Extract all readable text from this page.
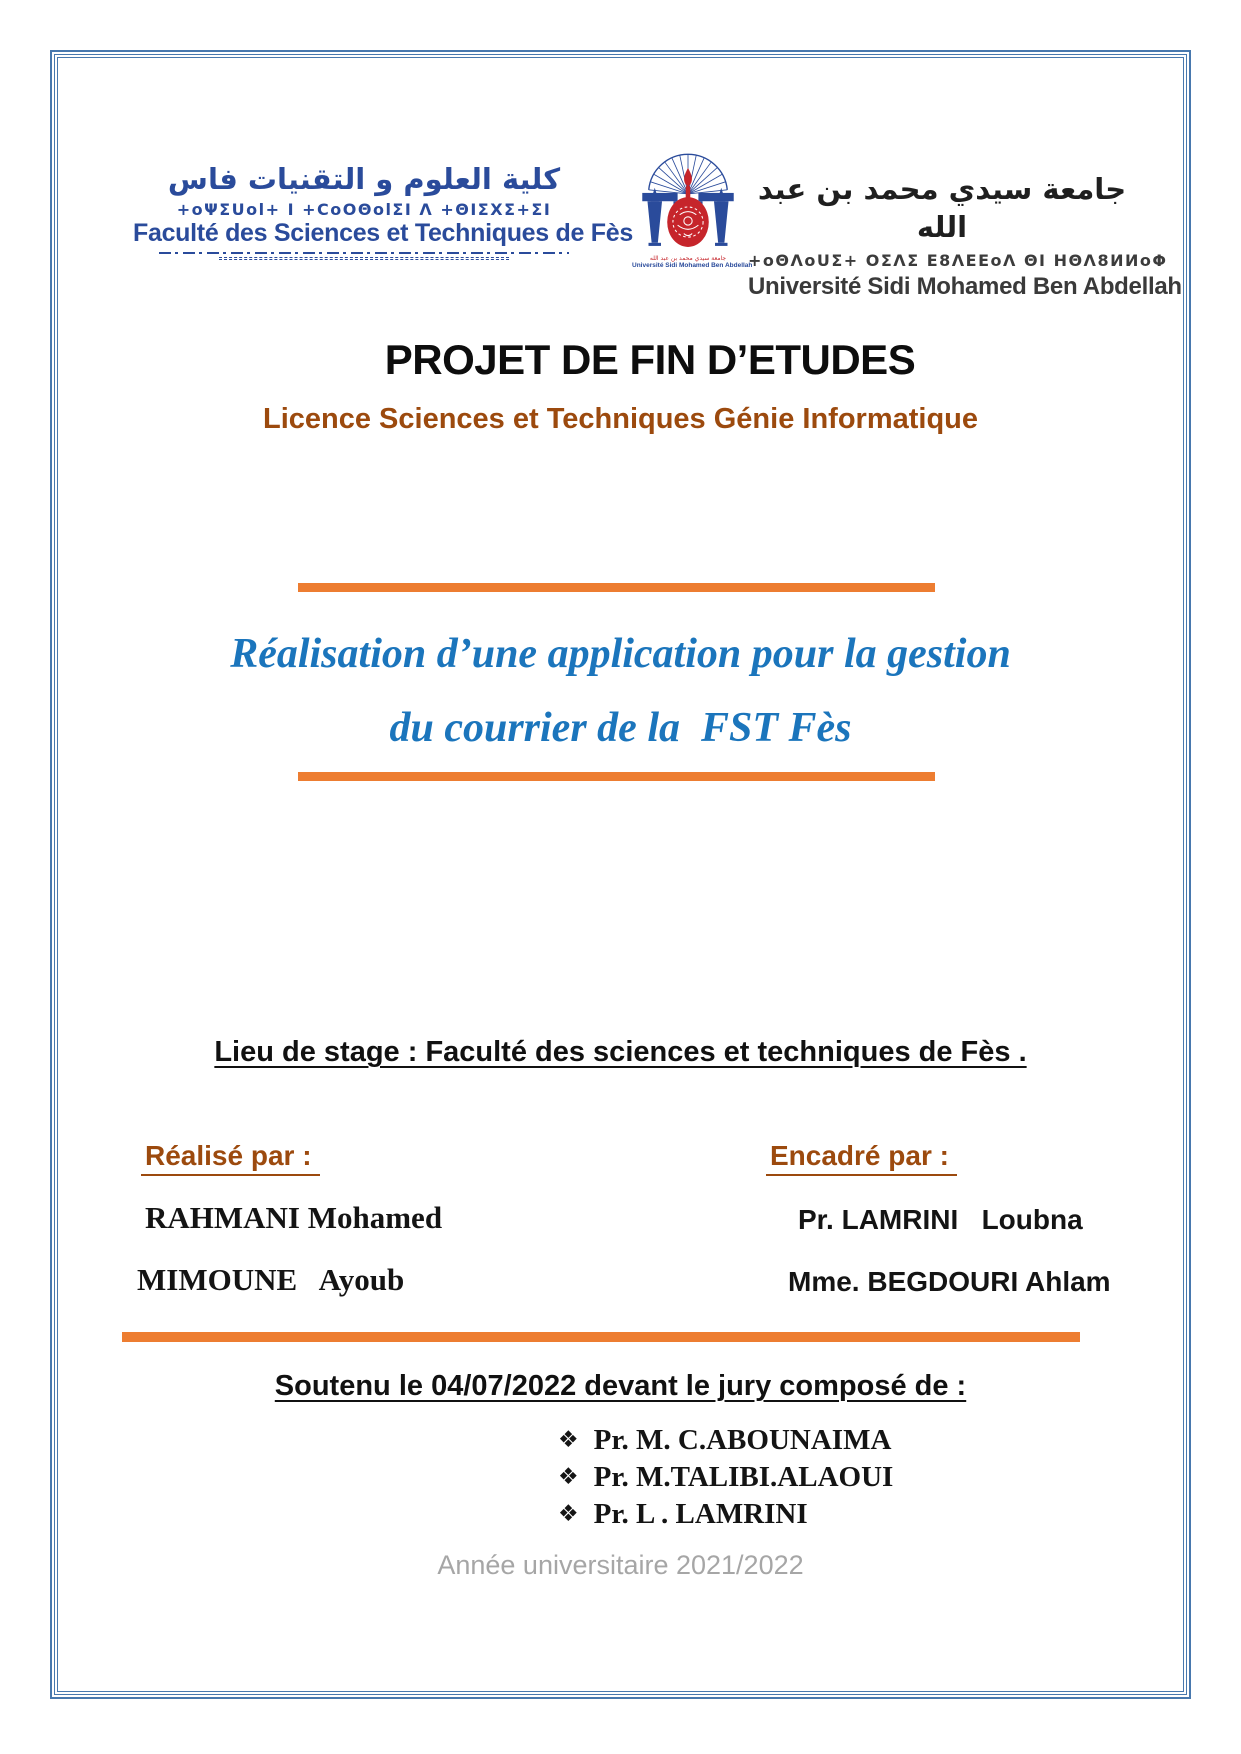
كلية العلوم و التقنيات فاس
+oΨΣUol+ I +CoOΘolΣI Λ +ΘIΣXΣ+ΣI
Faculté des Sciences et Techniques de Fès
جامعة سيدي محمد بن عبد الله
Université Sidi Mohamed Ben Abdellah
جامعة سيدي محمد بن عبد الله
+oΘΛoUΣ+ ΟΣΛΣ Ε8ΛΕΕοΛ ΘΙ ΗΘΛ8ИИοΦ
Université Sidi Mohamed Ben Abdellah
PROJET DE FIN D’ETUDES
Licence Sciences et Techniques Génie Informatique
Réalisation d’une application pour la gestion
du courrier de la  FST Fès
Lieu de stage : Faculté des sciences et techniques de Fès .
Réalisé par :	Encadré par :
RAHMANI Mohamed
MIMOUNE   Ayoub
Pr. LAMRINI   Loubna
Mme. BEGDOURI Ahlam
Soutenu le 04/07/2022 devant le jury composé de :
❖ Pr. M. C.ABOUNAIMA
❖ Pr. M.TALIBI.ALAOUI
❖ Pr. L . LAMRINI
Année universitaire 2021/2022
